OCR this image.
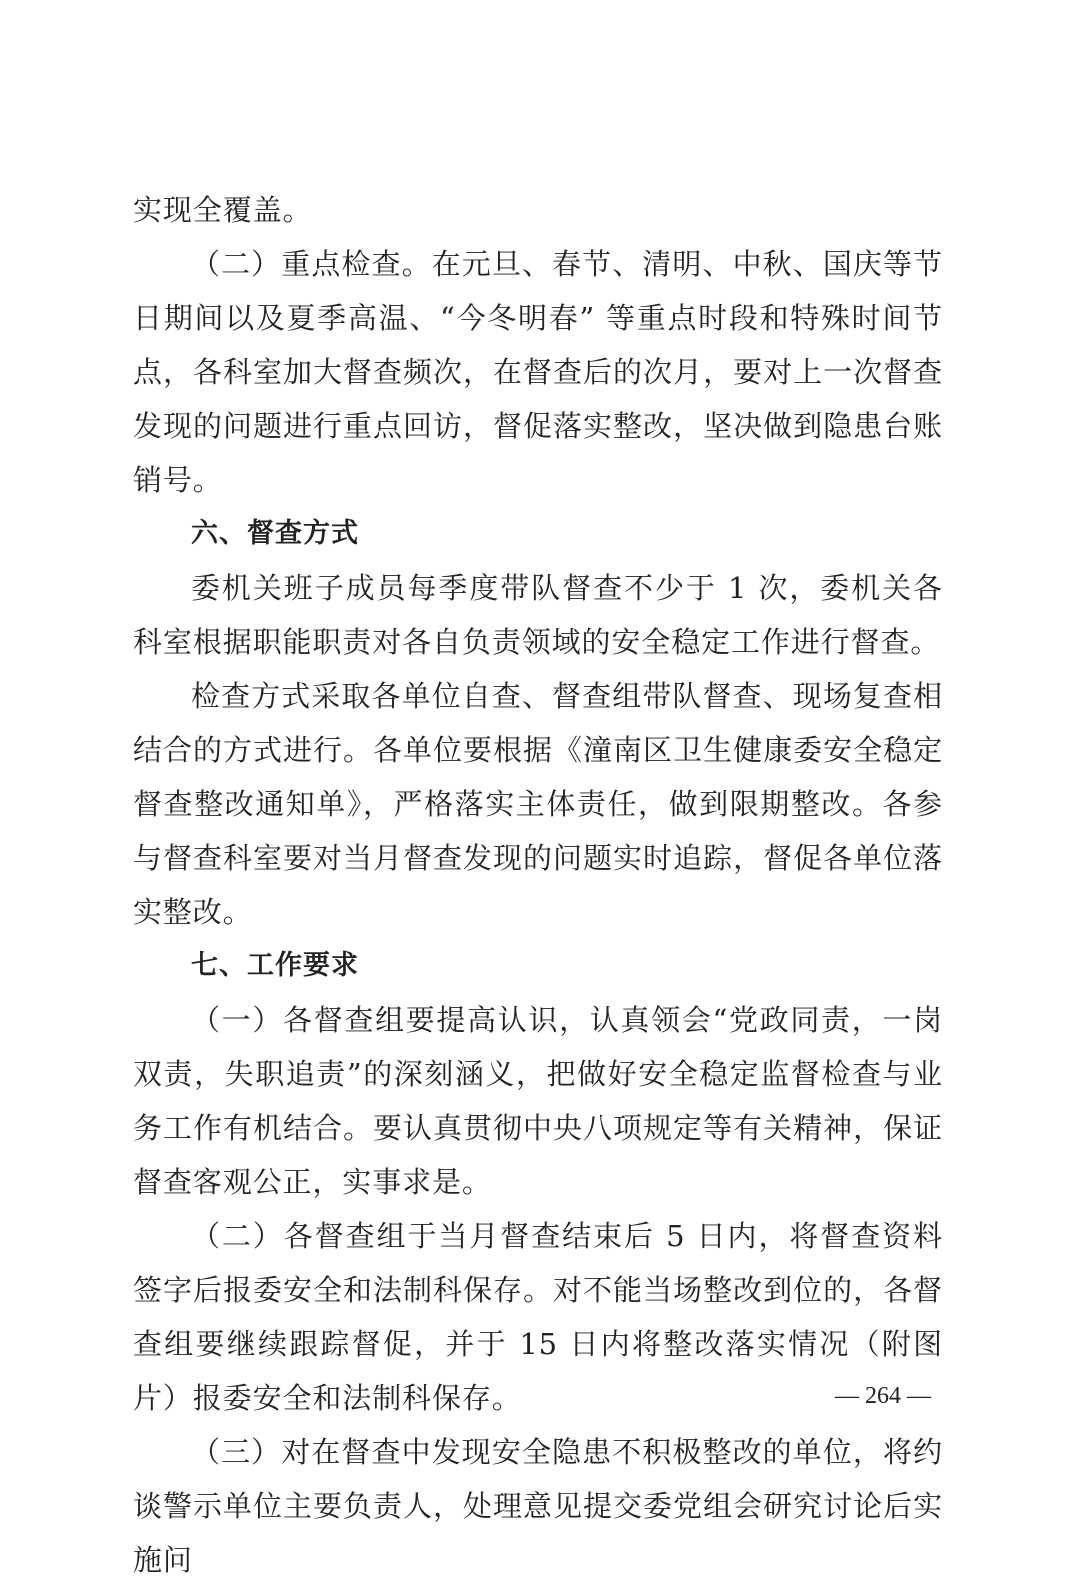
实现全覆盖。

（二）重点检查。在元旦、春节、清明、中秋、国庆等节日期间以及夏季高温、“今冬明春” 等重点时段和特殊时间节点，各科室加大督查频次，在督查后的次月，要对上一次督查发现的问题进行重点回访，督促落实整改，坚决做到隐患台账销号。

六、督查方式

委机关班子成员每季度带队督查不少于 1 次，委机关各科室根据职能职责对各自负责领域的安全稳定工作进行督查。

检查方式采取各单位自查、督查组带队督查、现场复查相结合的方式进行。各单位要根据《潼南区卫生健康委安全稳定督查整改通知单》，严格落实主体责任，做到限期整改。各参与督查科室要对当月督查发现的问题实时追踪，督促各单位落实整改。

七、工作要求

（一）各督查组要提高认识，认真领会“党政同责，一岗双责，失职追责”的深刻涵义，把做好安全稳定监督检查与业务工作有机结合。要认真贯彻中央八项规定等有关精神，保证督查客观公正，实事求是。

（二）各督查组于当月督查结束后 5 日内，将督查资料签字后报委安全和法制科保存。对不能当场整改到位的，各督查组要继续跟踪督促，并于 15 日内将整改落实情况（附图片）报委安全和法制科保存。

（三）对在督查中发现安全隐患不积极整改的单位，将约谈警示单位主要负责人，处理意见提交委党组会研究讨论后实施问

— 264 —
